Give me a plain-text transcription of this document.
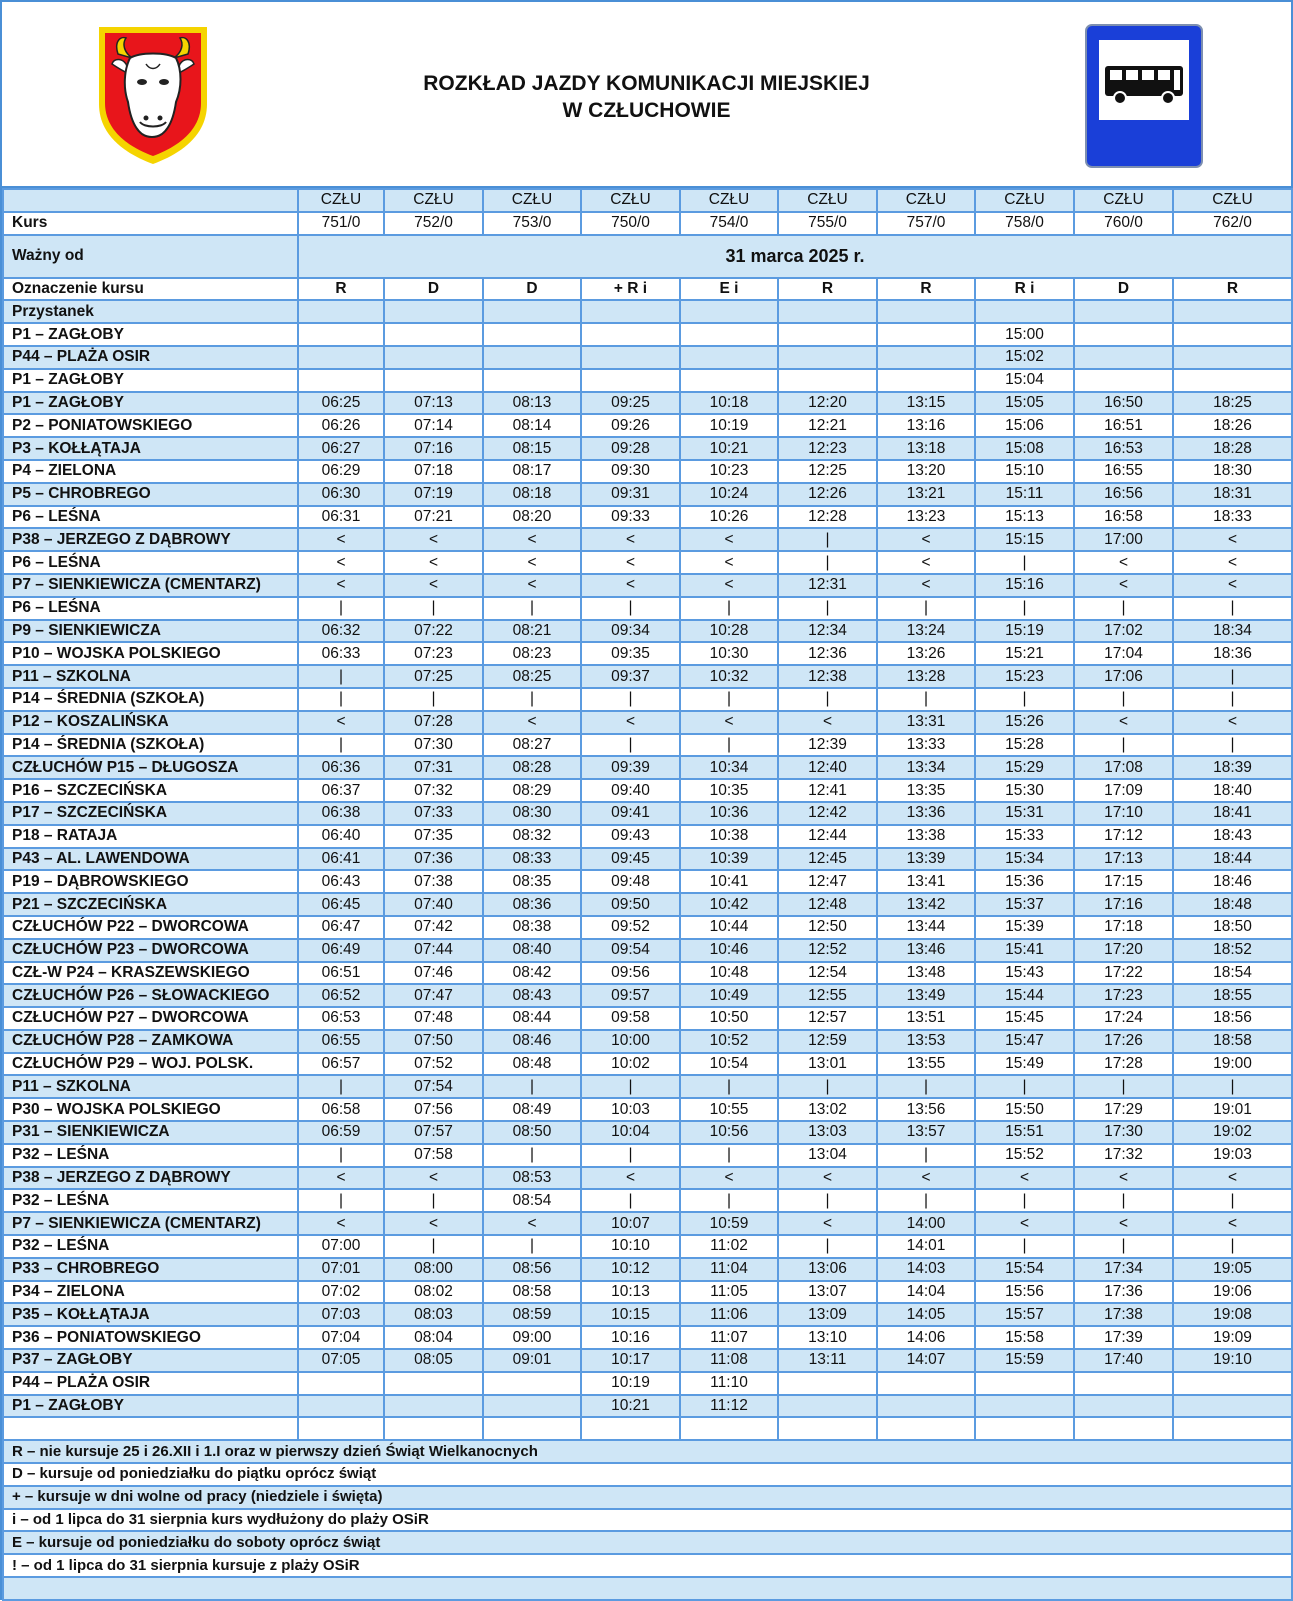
ROZKŁAD JAZDY KOMUNIKACJI MIEJSKIEJ
W CZŁUCHOWIE
	CZŁU	CZŁU	CZŁU	CZŁU	CZŁU	CZŁU	CZŁU	CZŁU	CZŁU	CZŁU
Kurs	751/0	752/0	753/0	750/0	754/0	755/0	757/0	758/0	760/0	762/0
Ważny od	31 marca 2025 r.									
Oznaczenie kursu	R	D	D	+ R i	E i	R	R	R i	D	R
Przystanek										
P1 – ZAGŁOBY								15:00		
P44 – PLAŻA OSIR								15:02		
P1 – ZAGŁOBY								15:04		
P1 – ZAGŁOBY	06:25	07:13	08:13	09:25	10:18	12:20	13:15	15:05	16:50	18:25
P2 – PONIATOWSKIEGO	06:26	07:14	08:14	09:26	10:19	12:21	13:16	15:06	16:51	18:26
P3 – KOŁŁĄTAJA	06:27	07:16	08:15	09:28	10:21	12:23	13:18	15:08	16:53	18:28
P4 – ZIELONA	06:29	07:18	08:17	09:30	10:23	12:25	13:20	15:10	16:55	18:30
P5 – CHROBREGO	06:30	07:19	08:18	09:31	10:24	12:26	13:21	15:11	16:56	18:31
P6 – LEŚNA	06:31	07:21	08:20	09:33	10:26	12:28	13:23	15:13	16:58	18:33
P38 – JERZEGO Z DĄBROWY	<	<	<	<	<	|	<	15:15	17:00	<
P6 – LEŚNA	<	<	<	<	<	|	<	|	<	<
P7 – SIENKIEWICZA (CMENTARZ)	<	<	<	<	<	12:31	<	15:16	<	<
P6 – LEŚNA	|	|	|	|	|	|	|	|	|	|
P9 – SIENKIEWICZA	06:32	07:22	08:21	09:34	10:28	12:34	13:24	15:19	17:02	18:34
P10 – WOJSKA POLSKIEGO	06:33	07:23	08:23	09:35	10:30	12:36	13:26	15:21	17:04	18:36
P11 – SZKOLNA	|	07:25	08:25	09:37	10:32	12:38	13:28	15:23	17:06	|
P14 – ŚREDNIA (SZKOŁA)	|	|	|	|	|	|	|	|	|	|
P12 – KOSZALIŃSKA	<	07:28	<	<	<	<	13:31	15:26	<	<
P14 – ŚREDNIA (SZKOŁA)	|	07:30	08:27	|	|	12:39	13:33	15:28	|	|
CZŁUCHÓW P15 – DŁUGOSZA	06:36	07:31	08:28	09:39	10:34	12:40	13:34	15:29	17:08	18:39
P16 – SZCZECIŃSKA	06:37	07:32	08:29	09:40	10:35	12:41	13:35	15:30	17:09	18:40
P17 – SZCZECIŃSKA	06:38	07:33	08:30	09:41	10:36	12:42	13:36	15:31	17:10	18:41
P18 – RATAJA	06:40	07:35	08:32	09:43	10:38	12:44	13:38	15:33	17:12	18:43
P43 – AL. LAWENDOWA	06:41	07:36	08:33	09:45	10:39	12:45	13:39	15:34	17:13	18:44
P19 – DĄBROWSKIEGO	06:43	07:38	08:35	09:48	10:41	12:47	13:41	15:36	17:15	18:46
P21 – SZCZECIŃSKA	06:45	07:40	08:36	09:50	10:42	12:48	13:42	15:37	17:16	18:48
CZŁUCHÓW P22 – DWORCOWA	06:47	07:42	08:38	09:52	10:44	12:50	13:44	15:39	17:18	18:50
CZŁUCHÓW P23 – DWORCOWA	06:49	07:44	08:40	09:54	10:46	12:52	13:46	15:41	17:20	18:52
CZŁ-W P24 – KRASZEWSKIEGO	06:51	07:46	08:42	09:56	10:48	12:54	13:48	15:43	17:22	18:54
CZŁUCHÓW P26 – SŁOWACKIEGO	06:52	07:47	08:43	09:57	10:49	12:55	13:49	15:44	17:23	18:55
CZŁUCHÓW P27 – DWORCOWA	06:53	07:48	08:44	09:58	10:50	12:57	13:51	15:45	17:24	18:56
CZŁUCHÓW P28 – ZAMKOWA	06:55	07:50	08:46	10:00	10:52	12:59	13:53	15:47	17:26	18:58
CZŁUCHÓW P29 – WOJ. POLSK.	06:57	07:52	08:48	10:02	10:54	13:01	13:55	15:49	17:28	19:00
P11 – SZKOLNA	|	07:54	|	|	|	|	|	|	|	|
P30 – WOJSKA POLSKIEGO	06:58	07:56	08:49	10:03	10:55	13:02	13:56	15:50	17:29	19:01
P31 – SIENKIEWICZA	06:59	07:57	08:50	10:04	10:56	13:03	13:57	15:51	17:30	19:02
P32 – LEŚNA	|	07:58	|	|	|	13:04	|	15:52	17:32	19:03
P38 – JERZEGO Z DĄBROWY	<	<	08:53	<	<	<	<	<	<	<
P32 – LEŚNA	|	|	08:54	|	|	|	|	|	|	|
P7 – SIENKIEWICZA (CMENTARZ)	<	<	<	10:07	10:59	<	14:00	<	<	<
P32 – LEŚNA	07:00	|	|	10:10	11:02	|	14:01	|	|	|
P33 – CHROBREGO	07:01	08:00	08:56	10:12	11:04	13:06	14:03	15:54	17:34	19:05
P34 – ZIELONA	07:02	08:02	08:58	10:13	11:05	13:07	14:04	15:56	17:36	19:06
P35 – KOŁŁĄTAJA	07:03	08:03	08:59	10:15	11:06	13:09	14:05	15:57	17:38	19:08
P36 – PONIATOWSKIEGO	07:04	08:04	09:00	10:16	11:07	13:10	14:06	15:58	17:39	19:09
P37 – ZAGŁOBY	07:05	08:05	09:01	10:17	11:08	13:11	14:07	15:59	17:40	19:10
P44 – PLAŻA OSIR				10:19	11:10					
P1 – ZAGŁOBY				10:21	11:12					

R – nie kursuje 25 i 26.XII i 1.I oraz w pierwszy dzień Świąt Wielkanocnych										
D – kursuje od poniedziałku do piątku oprócz świąt										
+ – kursuje w dni wolne od pracy (niedziele i święta)										
i – od 1 lipca do 31 sierpnia kurs wydłużony do plaży OSiR										
E – kursuje od poniedziałku do soboty oprócz świąt										
! – od 1 lipca do 31 sierpnia kursuje z plaży OSiR										
